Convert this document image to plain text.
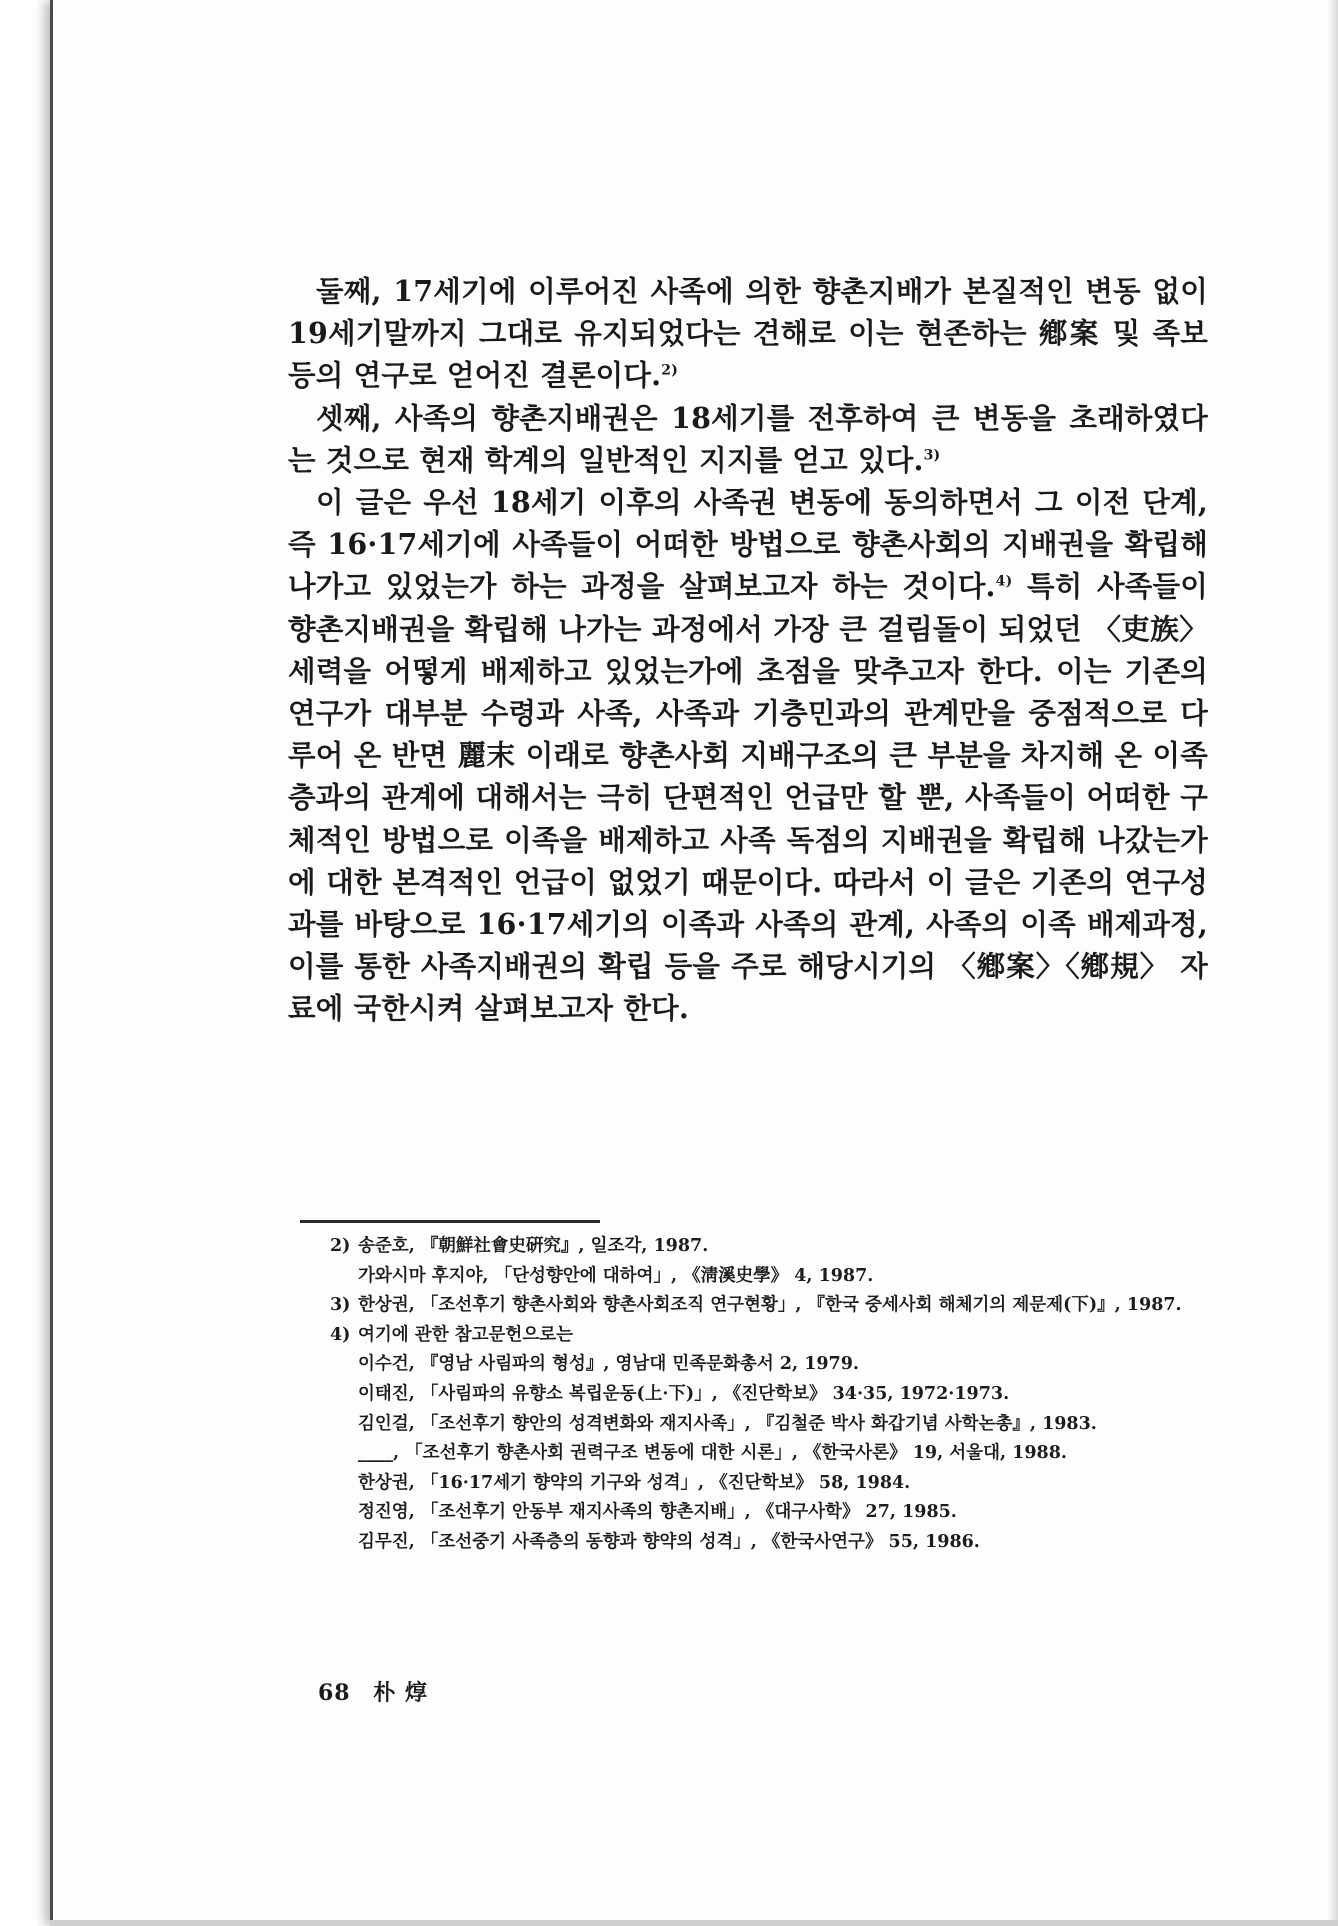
둘째, 17세기에 이루어진 사족에 의한 향촌지배가 본질적인 변동 없이 19세기말까지 그대로 유지되었다는 견해로 이는 현존하는 鄕案 및 족보 등의 연구로 얻어진 결론이다.$^{2)}$

셋째, 사족의 향촌지배권은 18세기를 전후하여 큰 변동을 초래하였다는 것으로 현재 학계의 일반적인 지지를 얻고 있다.$^{3)}$

이 글은 우선 18세기 이후의 사족권 변동에 동의하면서 그 이전 단계, 즉 16·17세기에 사족들이 어떠한 방법으로 향촌사회의 지배권을 확립해 나가고 있었는가 하는 과정을 살펴보고자 하는 것이다.$^{4)}$ 특히 사족들이 향촌지배권을 확립해 나가는 과정에서 가장 큰 걸림돌이 되었던 〈吏族〉 세력을 어떻게 배제하고 있었는가에 초점을 맞추고자 한다. 이는 기존의 연구가 대부분 수령과 사족, 사족과 기층민과의 관계만을 중점적으로 다루어 온 반면 麗末 이래로 향촌사회 지배구조의 큰 부분을 차지해 온 이족층과의 관계에 대해서는 극히 단편적인 언급만 할 뿐, 사족들이 어떠한 구체적인 방법으로 이족을 배제하고 사족 독점의 지배권을 확립해 나갔는가에 대한 본격적인 언급이 없었기 때문이다. 따라서 이 글은 기존의 연구성과를 바탕으로 16·17세기의 이족과 사족의 관계, 사족의 이족 배제과정, 이를 통한 사족지배권의 확립 등을 주로 해당시기의 〈鄕案〉〈鄕規〉 자료에 국한시켜 살펴보고자 한다.

2) 송준호, 『朝鮮社會史硏究』, 일조각, 1987.
가와시마 후지야, 「단성향안에 대하여」, 《淸溪史學》 4, 1987.
3) 한상권, 「조선후기 향촌사회와 향촌사회조직 연구현황」, 『한국 중세사회 해체기의 제문제(下)』, 1987.
4) 여기에 관한 참고문헌으로는
이수건, 『영남 사림파의 형성』, 영남대 민족문화총서 2, 1979.
이태진, 「사림파의 유향소 복립운동(上·下)」, 《진단학보》 34·35, 1972·1973.
김인걸, 「조선후기 향안의 성격변화와 재지사족」, 『김철준 박사 화갑기념 사학논총』, 1983.
____, 「조선후기 향촌사회 권력구조 변동에 대한 시론」, 《한국사론》 19, 서울대, 1988.
한상권, 「16·17세기 향약의 기구와 성격」, 《진단학보》 58, 1984.
정진영, 「조선후기 안동부 재지사족의 향촌지배」, 《대구사학》 27, 1985.
김무진, 「조선중기 사족층의 동향과 향약의 성격」, 《한국사연구》 55, 1986.
68 朴 焞
